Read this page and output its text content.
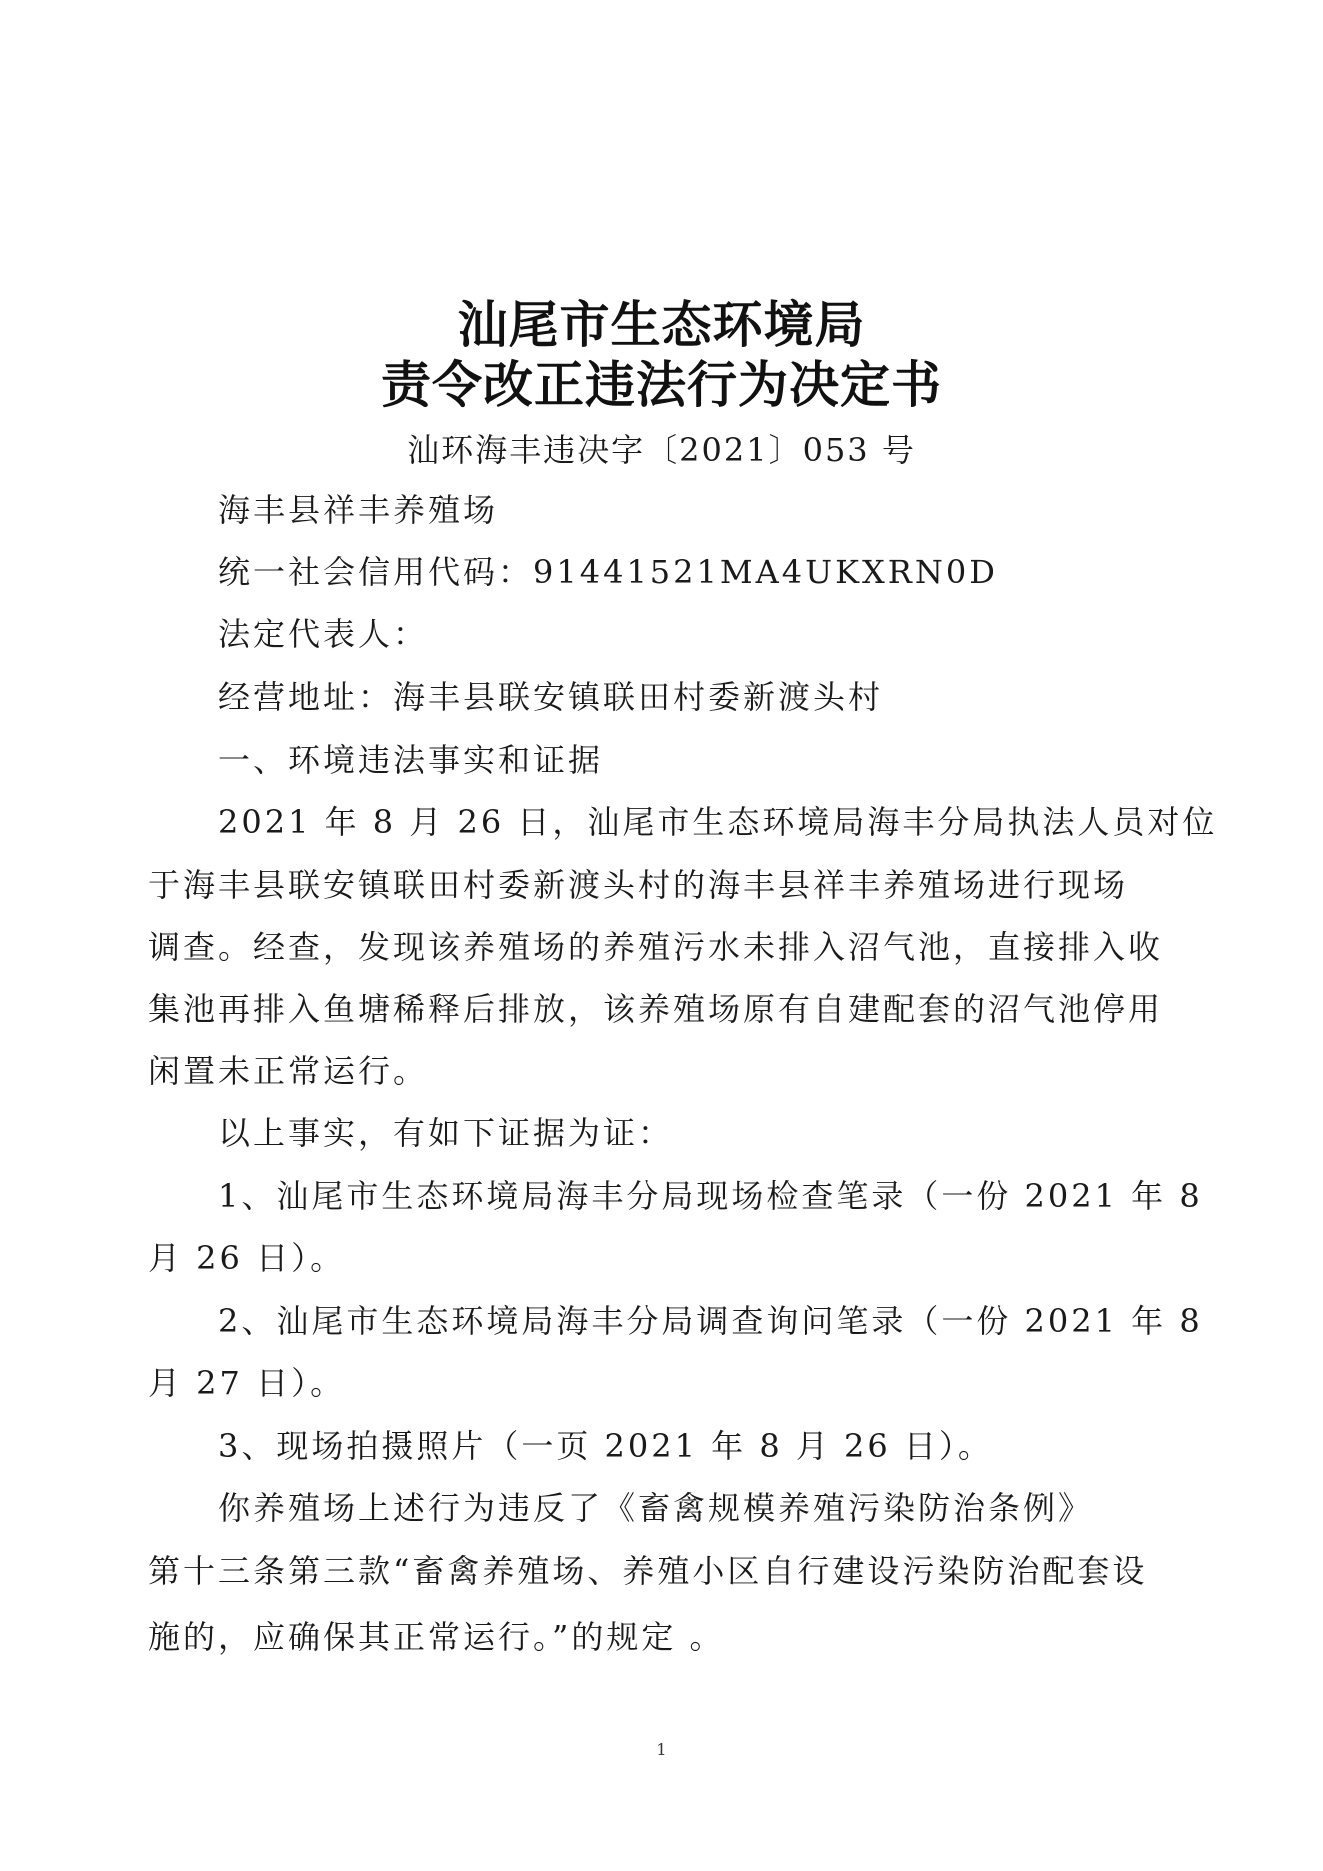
汕尾市生态环境局
责令改正违法行为决定书
汕环海丰违决字〔2021〕053 号
海丰县祥丰养殖场
统一社会信用代码：91441521MA4UKXRN0D
法定代表人：
经营地址：海丰县联安镇联田村委新渡头村
一、环境违法事实和证据
2021 年 8 月 26 日，汕尾市生态环境局海丰分局执法人员对位
于海丰县联安镇联田村委新渡头村的海丰县祥丰养殖场进行现场
调查。经查，发现该养殖场的养殖污水未排入沼气池，直接排入收
集池再排入鱼塘稀释后排放，该养殖场原有自建配套的沼气池停用
闲置未正常运行。
以上事实，有如下证据为证：
1、汕尾市生态环境局海丰分局现场检查笔录（一份 2021 年 8
月 26 日）。
2、汕尾市生态环境局海丰分局调查询问笔录（一份 2021 年 8
月 27 日）。
3、现场拍摄照片（一页 2021 年 8 月 26 日）。
你养殖场上述行为违反了《畜禽规模养殖污染防治条例》
第十三条第三款“畜禽养殖场、养殖小区自行建设污染防治配套设
施的，应确保其正常运行。”的规定 。
1
